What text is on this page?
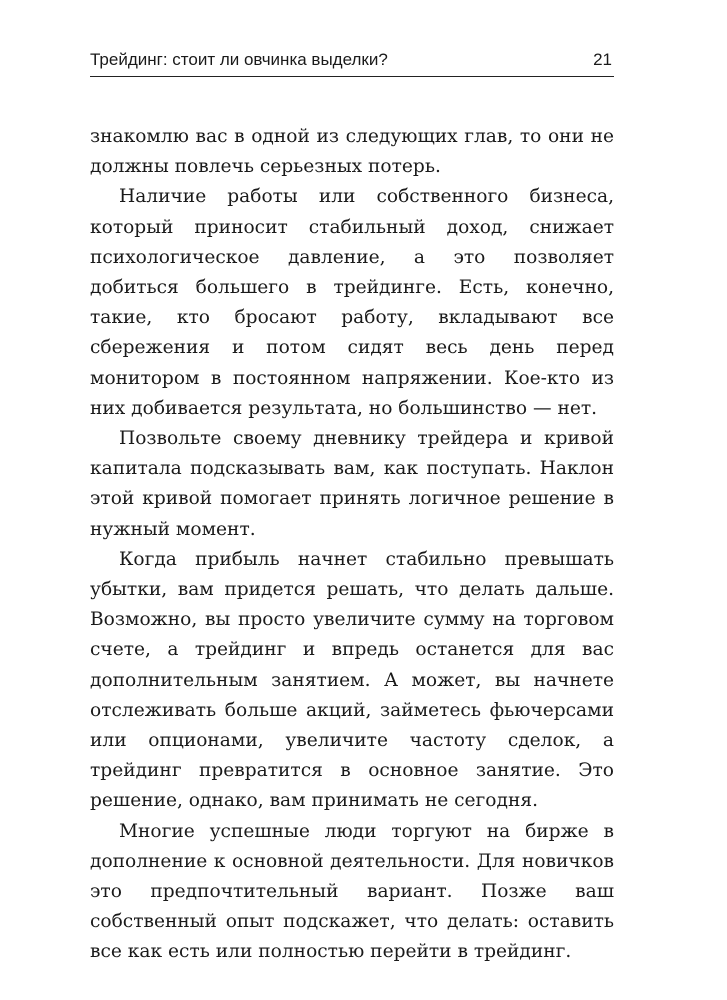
Трейдинг: стоит ли овчинка выделки?	21

знакомлю вас в одной из следующих глав, то они не должны повлечь серьезных потерь.

Наличие работы или собственного бизнеса, который приносит стабильный доход, снижает психологическое давление, а это позволяет добиться большего в трейдинге. Есть, конечно, такие, кто бросают работу, вкладывают все сбережения и потом сидят весь день перед монитором в постоянном напряжении. Кое-кто из них добивается результата, но большинство — нет.

Позвольте своему дневнику трейдера и кривой капитала подсказывать вам, как поступать. Наклон этой кривой помогает принять логичное решение в нужный момент.

Когда прибыль начнет стабильно превышать убытки, вам придется решать, что делать дальше. Возможно, вы просто увеличите сумму на торговом счете, а трейдинг и впредь останется для вас дополнительным занятием. А может, вы начнете отслеживать больше акций, займетесь фьючерсами или опционами, увеличите частоту сделок, а трейдинг превратится в основное занятие. Это решение, однако, вам принимать не сегодня.

Многие успешные люди торгуют на бирже в дополнение к основной деятельности. Для новичков это предпочтительный вариант. Позже ваш собственный опыт подскажет, что делать: оставить все как есть или полностью перейти в трейдинг.
